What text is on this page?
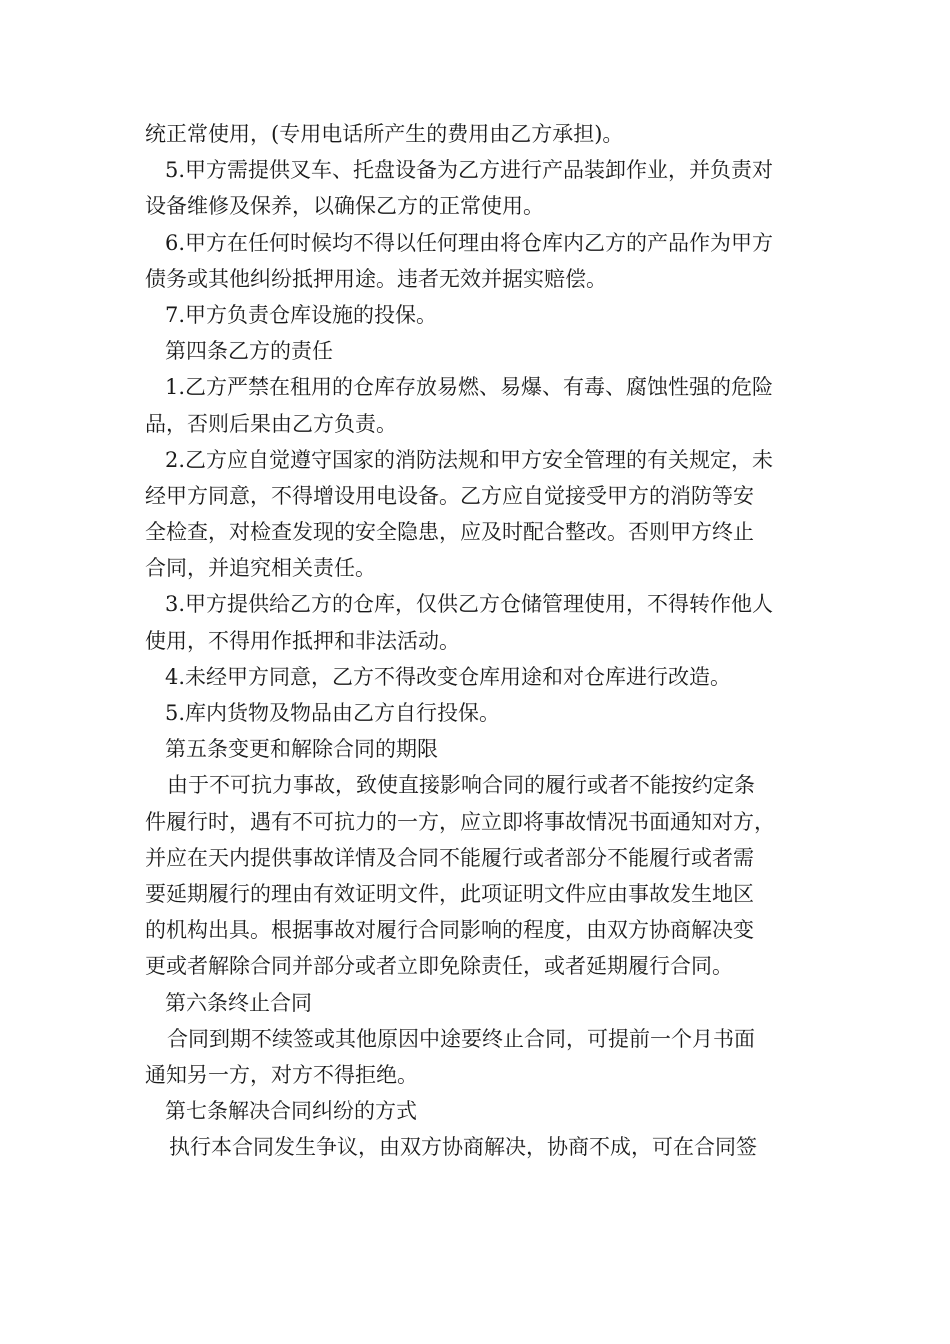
统正常使用，(专用电话所产生的费用由乙方承担)。
5.甲方需提供叉车、托盘设备为乙方进行产品装卸作业，并负责对
设备维修及保养，以确保乙方的正常使用。
6.甲方在任何时候均不得以任何理由将仓库内乙方的产品作为甲方
债务或其他纠纷抵押用途。违者无效并据实赔偿。
7.甲方负责仓库设施的投保。
第四条乙方的责任
1.乙方严禁在租用的仓库存放易燃、易爆、有毒、腐蚀性强的危险
品，否则后果由乙方负责。
2.乙方应自觉遵守国家的消防法规和甲方安全管理的有关规定，未
经甲方同意，不得增设用电设备。乙方应自觉接受甲方的消防等安
全检查，对检查发现的安全隐患，应及时配合整改。否则甲方终止
合同，并追究相关责任。
3.甲方提供给乙方的仓库，仅供乙方仓储管理使用，不得转作他人
使用，不得用作抵押和非法活动。
4.未经甲方同意，乙方不得改变仓库用途和对仓库进行改造。
5.库内货物及物品由乙方自行投保。
第五条变更和解除合同的期限
由于不可抗力事故，致使直接影响合同的履行或者不能按约定条
件履行时，遇有不可抗力的一方，应立即将事故情况书面通知对方，
并应在天内提供事故详情及合同不能履行或者部分不能履行或者需
要延期履行的理由有效证明文件，此项证明文件应由事故发生地区
的机构出具。根据事故对履行合同影响的程度，由双方协商解决变
更或者解除合同并部分或者立即免除责任，或者延期履行合同。
第六条终止合同
合同到期不续签或其他原因中途要终止合同，可提前一个月书面
通知另一方，对方不得拒绝。
第七条解决合同纠纷的方式
执行本合同发生争议，由双方协商解决，协商不成，可在合同签
